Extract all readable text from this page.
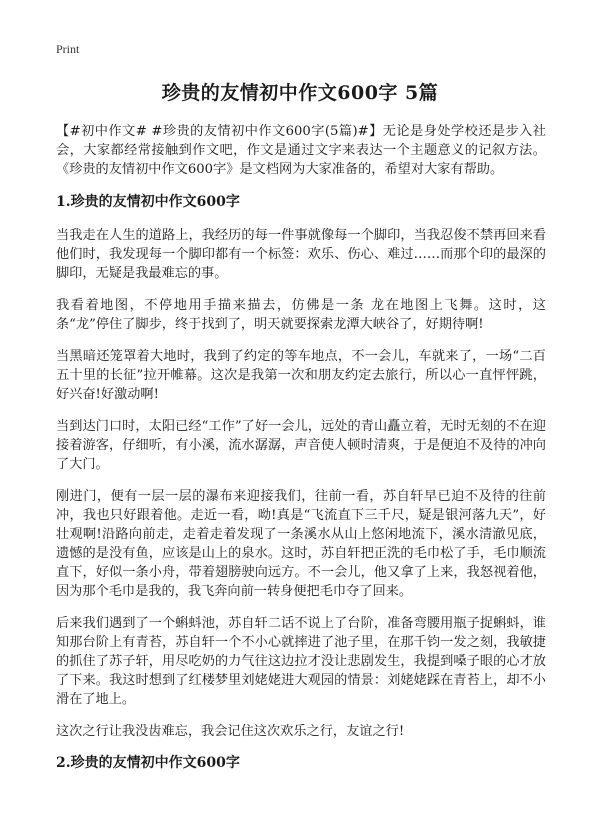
Print
珍贵的友情初中作文600字 5篇

【#初中作文# #珍贵的友情初中作文600字(5篇)#】无论是身处学校还是步入社会，大家都经常接触到作文吧，作文是通过文字来表达一个主题意义的记叙方法。《珍贵的友情初中作文600字》是文档网为大家准备的，希望对大家有帮助。

1.珍贵的友情初中作文600字

当我走在人生的道路上，我经历的每一件事就像每一个脚印，当我忍俊不禁再回来看他们时，我发现每一个脚印都有一个标签：欢乐、伤心、难过……而那个印的最深的脚印，无疑是我最难忘的事。

我看着地图，不停地用手描来描去，仿佛是一条 龙在地图上飞舞。这时，这条“龙”停住了脚步，终于找到了，明天就要探索龙潭大峡谷了，好期待啊!

当黑暗还笼罩着大地时，我到了约定的等车地点，不一会儿，车就来了，一场“二百五十里的长征”拉开帷幕。这次是我第一次和朋友约定去旅行，所以心一直怦怦跳，好兴奋!好激动啊!

当到达门口时，太阳已经“工作”了好一会儿，远处的青山矗立着，无时无刻的不在迎接着游客，仔细听，有小溪，流水潺潺，声音使人顿时清爽，于是便迫不及待的冲向了大门。

刚进门，便有一层一层的瀑布来迎接我们，往前一看，苏自轩早已迫不及待的往前冲，我也只好跟着他。走近一看，呦!真是“飞流直下三千尺，疑是银河落九天”，好壮观啊!沿路向前走，走着走着发现了一条溪水从山上悠闲地流下，溪水清澈见底，遗憾的是没有鱼，应该是山上的泉水。这时，苏自轩把正洗的毛巾松了手，毛巾顺流直下，好似一条小舟，带着翅膀驶向远方。不一会儿，他又拿了上来，我怒视着他，因为那个毛巾是我的，我飞奔向前一转身便把毛巾夺了回来。

后来我们遇到了一个蝌蚪池，苏自轩二话不说上了台阶，准备弯腰用瓶子捉蝌蚪，谁知那台阶上有青苔，苏自轩一个不小心就摔进了池子里，在那千钧一发之刻，我敏捷的抓住了苏子轩，用尽吃奶的力气往这边拉才没让悲剧发生，我提到嗓子眼的心才放了下来。我这时想到了红楼梦里刘姥姥进大观园的情景：刘姥姥踩在青苔上，却不小滑在了地上。

这次之行让我没齿难忘，我会记住这次欢乐之行，友谊之行!

2.珍贵的友情初中作文600字
